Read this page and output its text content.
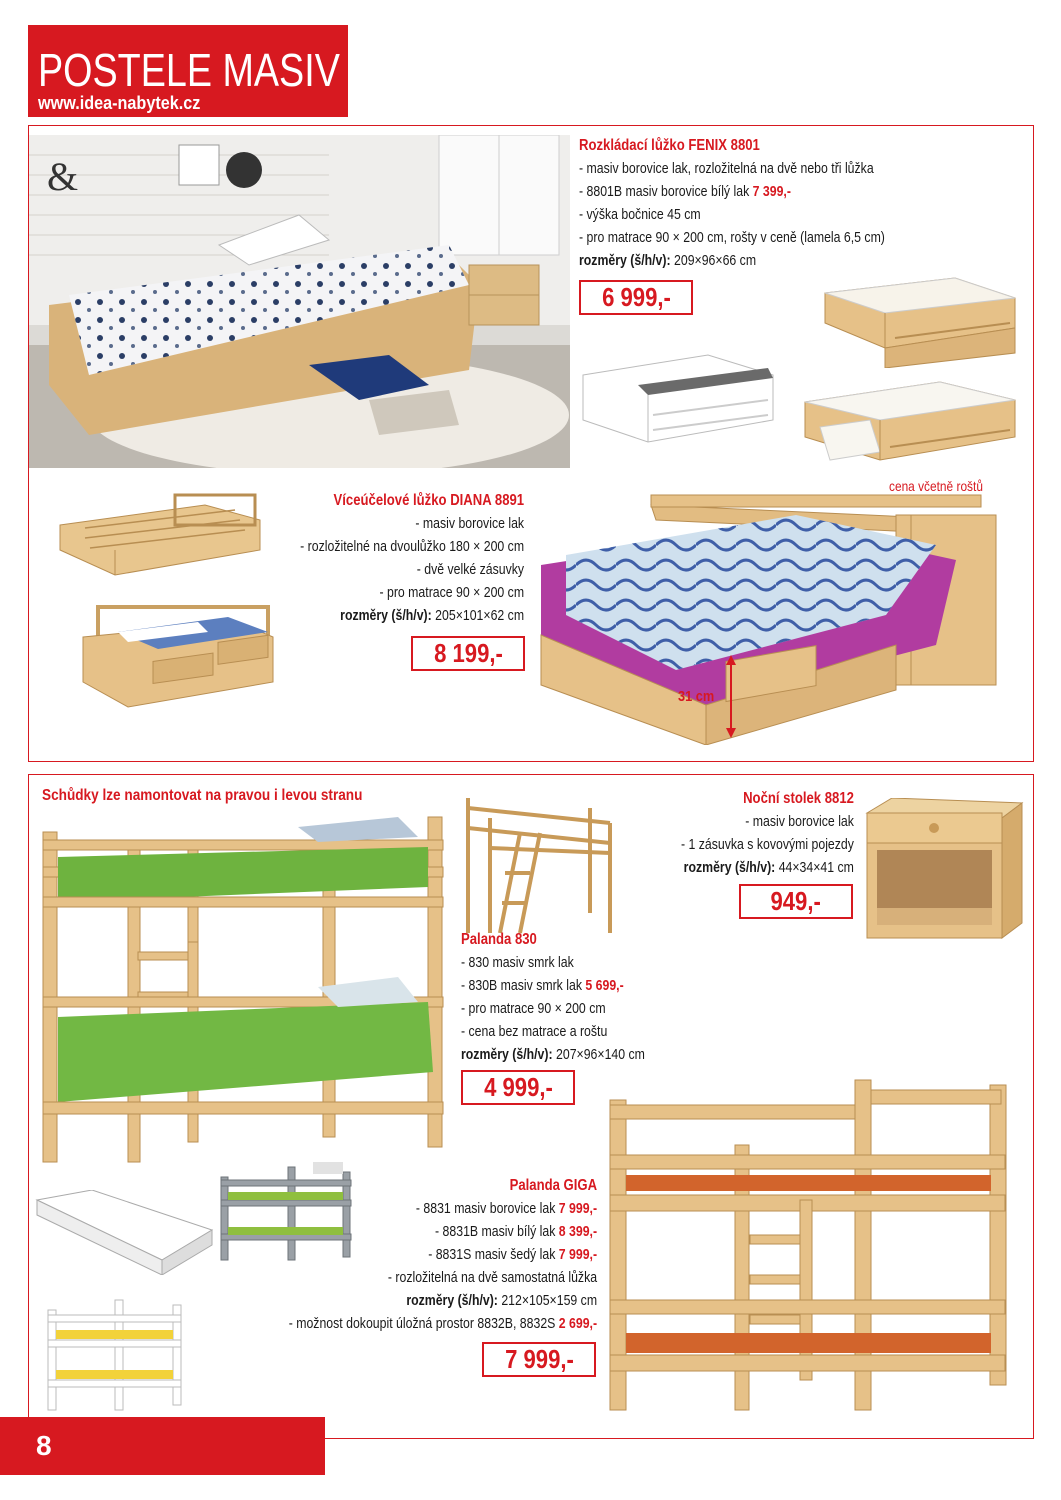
POSTELE MASIV
www.idea-nabytek.cz
&
Rozkládací lůžko FENIX 8801
- masiv borovice lak, rozložitelná na dvě nebo tři lůžka
- 8801B masiv borovice bílý lak 7 399,-
- výška bočnice 45 cm
- pro matrace 90 × 200 cm, rošty v ceně (lamela 6,5 cm)
rozměry (š/h/v): 209×96×66 cm
6 999,-
Víceúčelové lůžko DIANA 8891
- masiv borovice lak
- rozložitelné na dvoulůžko 180 × 200 cm
- dvě velké zásuvky
- pro matrace 90 × 200 cm
rozměry (š/h/v): 205×101×62 cm
8 199,-
cena včetně roštů
31 cm
Schůdky lze namontovat na pravou i levou stranu
Palanda 830
- 830 masiv smrk lak
- 830B masiv smrk lak 5 699,-
- pro matrace 90 × 200 cm
- cena bez matrace a roštu
rozměry (š/h/v): 207×96×140 cm
4 999,-
Noční stolek 8812
- masiv borovice lak
- 1 zásuvka s kovovými pojezdy
rozměry (š/h/v): 44×34×41 cm
949,-
Palanda GIGA
- 8831 masiv borovice lak 7 999,-
- 8831B masiv bílý lak 8 399,-
- 8831S masiv šedý lak 7 999,-
- rozložitelná na dvě samostatná lůžka
rozměry (š/h/v): 212×105×159 cm
- možnost dokoupit úložná prostor 8832B, 8832S 2 699,-
7 999,-
8
